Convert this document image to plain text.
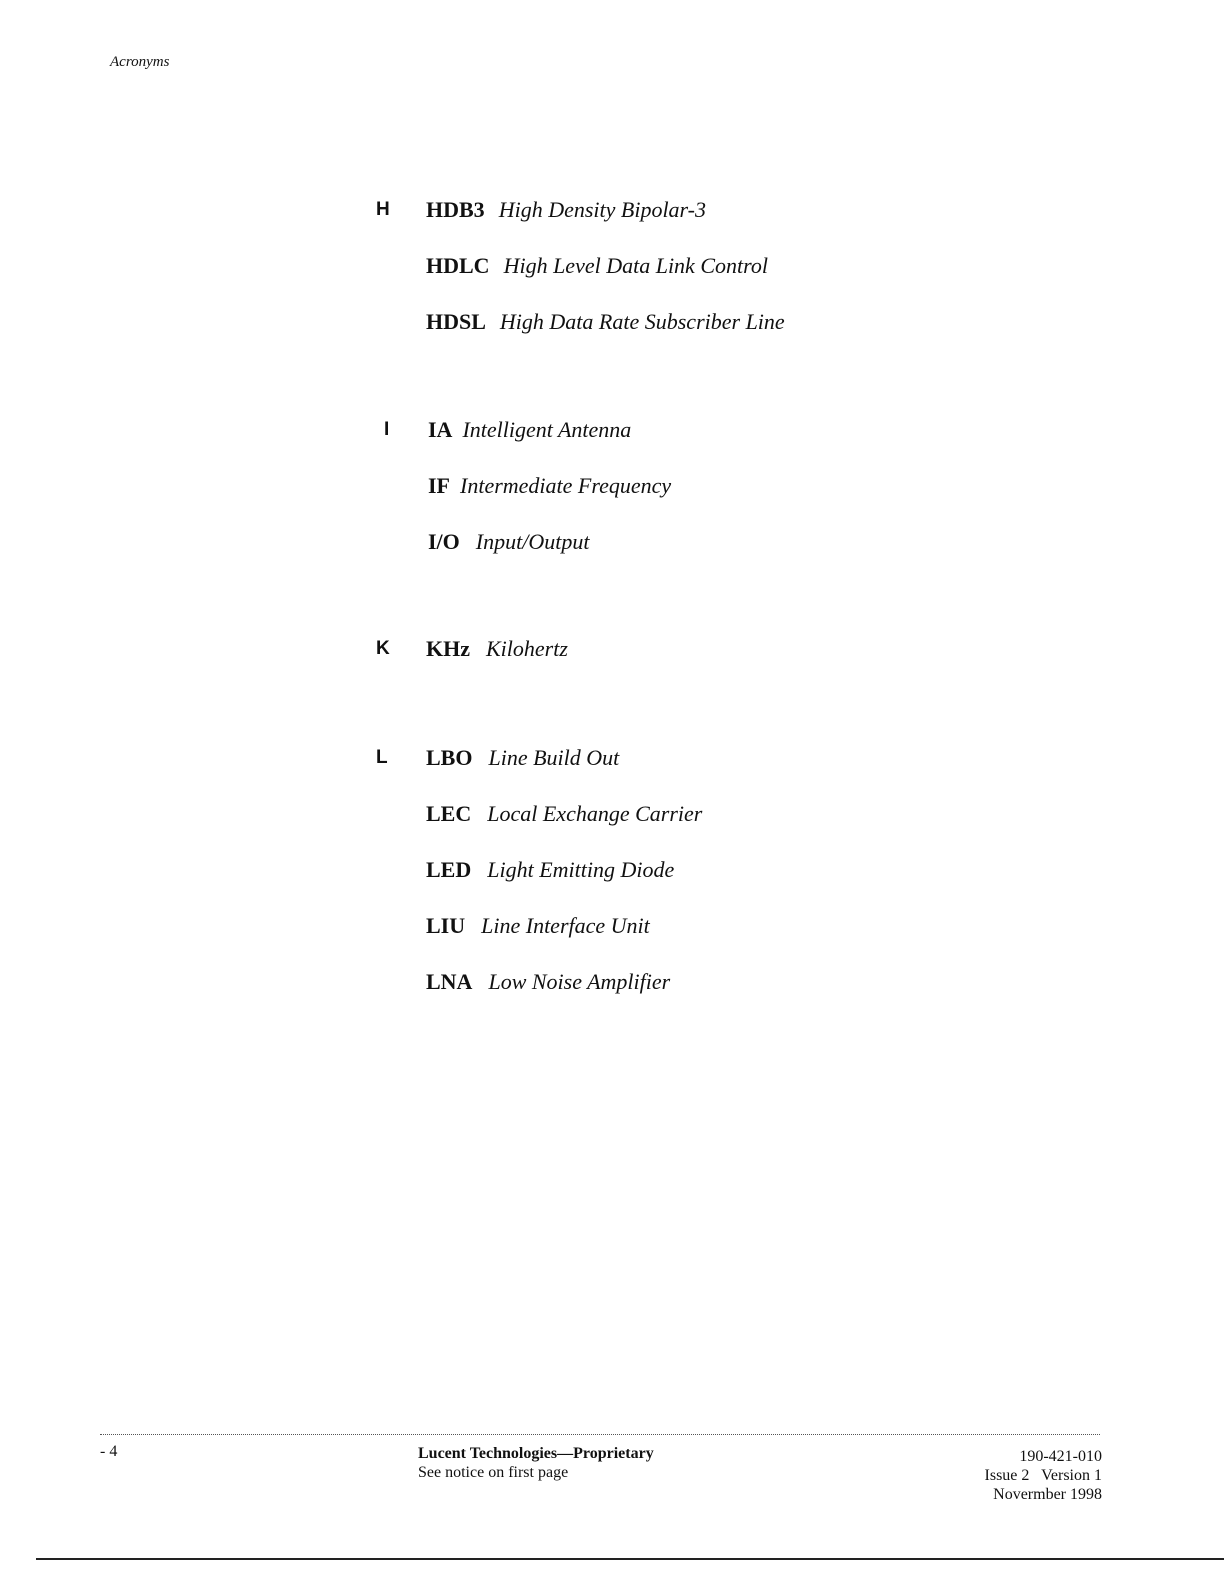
Acronyms
H	HDB3 High Density Bipolar-3
HDLC High Level Data Link Control
HDSL High Data Rate Subscriber Line
I	IA Intelligent Antenna
IF Intermediate Frequency
I/O Input/Output
K	KHz Kilohertz
L	LBO Line Build Out
LEC Local Exchange Carrier
LED Light Emitting Diode
LIU Line Interface Unit
LNA Low Noise Amplifier
- 4	Lucent Technologies—Proprietary
See notice on first page
190-421-010
Issue 2   Version 1
Novermber 1998
